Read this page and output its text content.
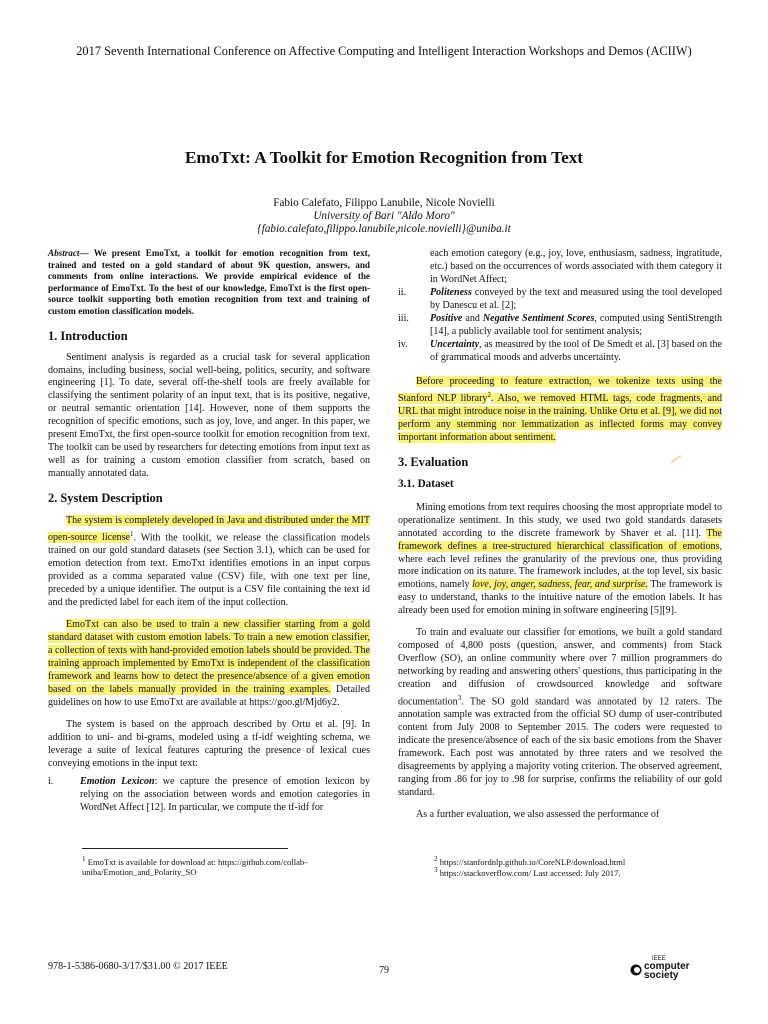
2017 Seventh International Conference on Affective Computing and Intelligent Interaction Workshops and Demos (ACIIW)
EmoTxt: A Toolkit for Emotion Recognition from Text
Fabio Calefato, Filippo Lanubile, Nicole Novielli
University of Bari "Aldo Moro"
{fabio.calefato,filippo.lanubile,nicole.novielli}@uniba.it

Abstract— We present EmoTxt, a toolkit for emotion recognition from text, trained and tested on a gold standard of about 9K question, answers, and comments from online interactions. We provide empirical evidence of the performance of EmoTxt. To the best of our knowledge, EmoTxt is the first open-source toolkit supporting both emotion recognition from text and training of custom emotion classification models.

1. Introduction

Sentiment analysis is regarded as a crucial task for several application domains, including business, social well-being, politics, security, and software engineering [1]. To date, several off-the-shelf tools are freely available for classifying the sentiment polarity of an input text, that is its positive, negative, or neutral semantic orientation [14]. However, none of them supports the recognition of specific emotions, such as joy, love, and anger. In this paper, we present EmoTxt, the first open-source toolkit for emotion recognition from text. The toolkit can be used by researchers for detecting emotions from input text as well as for training a custom emotion classifier from scratch, based on manually annotated data.

2. System Description

The system is completely developed in Java and distributed under the MIT open-source license$^1$. With the toolkit, we release the classification models trained on our gold standard datasets (see Section 3.1), which can be used for emotion detection from text. EmoTxt identifies emotions in an input corpus provided as a comma separated value (CSV) file, with one text per line, preceded by a unique identifier. The output is a CSV file containing the text id and the predicted label for each item of the input collection.

EmoTxt can also be used to train a new classifier starting from a gold standard dataset with custom emotion labels. To train a new emotion classifier, a collection of texts with hand-provided emotion labels should be provided. The training approach implemented by EmoTxt is independent of the classification framework and learns how to detect the presence/absence of a given emotion based on the labels manually provided in the training examples. Detailed guidelines on how to use EmoTxt are available at https://goo.gl/Mjd6y2.

The system is based on the approach described by Ortu et al. [9]. In addition to uni- and bi-grams, modeled using a tf-idf weighting schema, we leverage a suite of lexical features capturing the presence of lexical cues conveying emotions in the input text:

i.	Emotion Lexicon: we capture the presence of emotion lexicon by relying on the association between words and emotion categories in WordNet Affect [12]. In particular, we compute the tf-idf for
each emotion category (e.g., joy, love, enthusiasm, sadness, ingratitude, etc.) based on the occurrences of words associated with them category it in WordNet Affect;
ii.	Politeness conveyed by the text and measured using the tool developed by Danescu et al. [2];
iii.	Positive and Negative Sentiment Scores, computed using SentiStrength [14], a publicly available tool for sentiment analysis;
iv.	Uncertainty, as measured by the tool of De Smedt et al. [3] based on the of grammatical moods and adverbs uncertainty.

Before proceeding to feature extraction, we tokenize texts using the Stanford NLP library$^2$. Also, we removed HTML tags, code fragments, and URL that might introduce noise in the training. Unlike Ortu et al. [9], we did not perform any stemming nor lemmatization as inflected forms may convey important information about sentiment.

3. Evaluation
3.1. Dataset

Mining emotions from text requires choosing the most appropriate model to operationalize sentiment. In this study, we used two gold standards datasets annotated according to the discrete framework by Shaver et al. [11]. The framework defines a tree-structured hierarchical classification of emotions, where each level refines the granularity of the previous one, thus providing more indication on its nature. The framework includes, at the top level, six basic emotions, namely love, joy, anger, sadness, fear, and surprise. The framework is easy to understand, thanks to the intuitive nature of the emotion labels. It has already been used for emotion mining in software engineering [5][9].

To train and evaluate our classifier for emotions, we built a gold standard composed of 4,800 posts (question, answer, and comments) from Stack Overflow (SO), an online community where over 7 million programmers do networking by reading and answering others' questions, thus participating in the creation and diffusion of crowdsourced knowledge and software documentation$^3$. The SO gold standard was annotated by 12 raters. The annotation sample was extracted from the official SO dump of user-contributed content from July 2008 to September 2015. The coders were requested to indicate the presence/absence of each of the six basic emotions from the Shaver framework. Each post was annotated by three raters and we resolved the disagreements by applying a majority voting criterion. The observed agreement, ranging from .86 for joy to .98 for surprise, confirms the reliability of our gold standard.

As a further evaluation, we also assessed the performance of

$^1$ EmoTxt is available for download at: https://github.com/collab-uniba/Emotion_and_Polarity_SO
$^2$ https://stanfordnlp.github.io/CoreNLP/download.html
$^3$ https://stackoverflow.com/ Last accessed: July 2017.
978-1-5386-0680-3/17/$31.00 © 2017 IEEE	79
IEEE
computer
society
